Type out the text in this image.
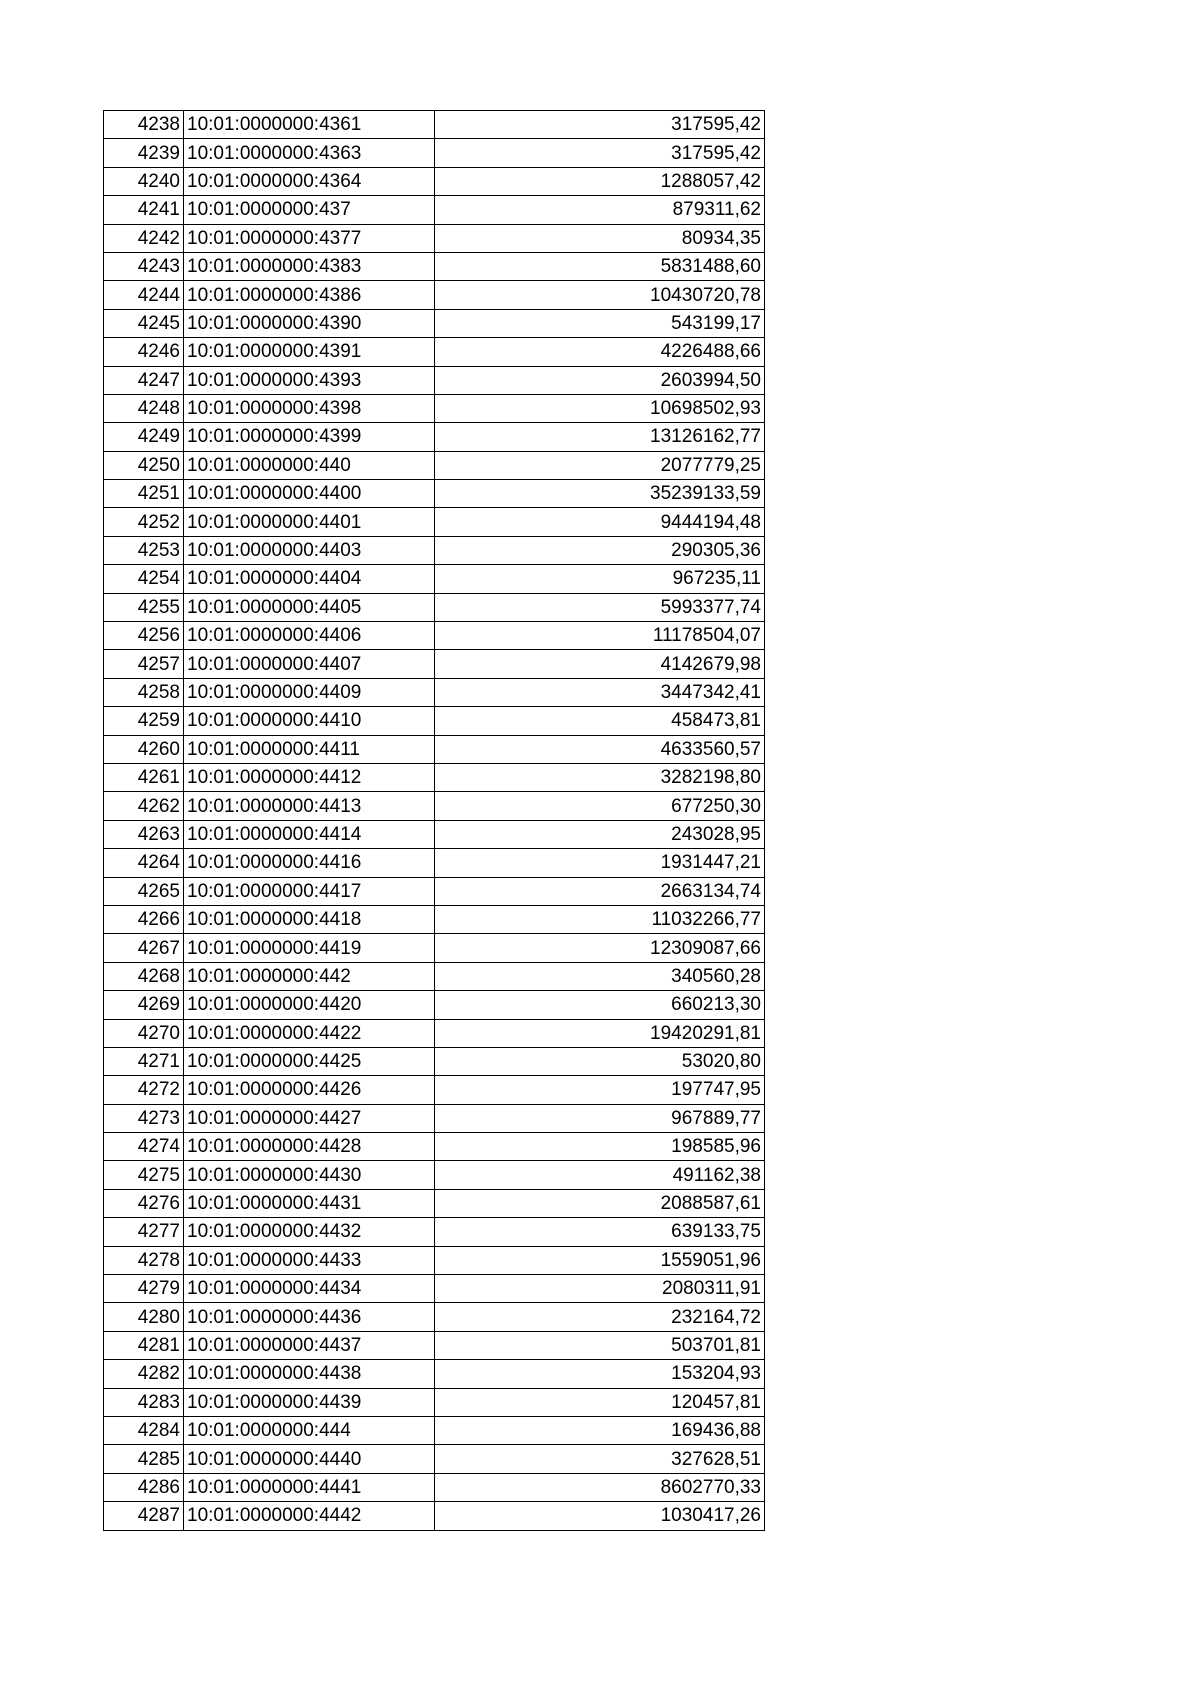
4238	10:01:0000000:4361	317595,42
4239	10:01:0000000:4363	317595,42
4240	10:01:0000000:4364	1288057,42
4241	10:01:0000000:437	879311,62
4242	10:01:0000000:4377	80934,35
4243	10:01:0000000:4383	5831488,60
4244	10:01:0000000:4386	10430720,78
4245	10:01:0000000:4390	543199,17
4246	10:01:0000000:4391	4226488,66
4247	10:01:0000000:4393	2603994,50
4248	10:01:0000000:4398	10698502,93
4249	10:01:0000000:4399	13126162,77
4250	10:01:0000000:440	2077779,25
4251	10:01:0000000:4400	35239133,59
4252	10:01:0000000:4401	9444194,48
4253	10:01:0000000:4403	290305,36
4254	10:01:0000000:4404	967235,11
4255	10:01:0000000:4405	5993377,74
4256	10:01:0000000:4406	11178504,07
4257	10:01:0000000:4407	4142679,98
4258	10:01:0000000:4409	3447342,41
4259	10:01:0000000:4410	458473,81
4260	10:01:0000000:4411	4633560,57
4261	10:01:0000000:4412	3282198,80
4262	10:01:0000000:4413	677250,30
4263	10:01:0000000:4414	243028,95
4264	10:01:0000000:4416	1931447,21
4265	10:01:0000000:4417	2663134,74
4266	10:01:0000000:4418	11032266,77
4267	10:01:0000000:4419	12309087,66
4268	10:01:0000000:442	340560,28
4269	10:01:0000000:4420	660213,30
4270	10:01:0000000:4422	19420291,81
4271	10:01:0000000:4425	53020,80
4272	10:01:0000000:4426	197747,95
4273	10:01:0000000:4427	967889,77
4274	10:01:0000000:4428	198585,96
4275	10:01:0000000:4430	491162,38
4276	10:01:0000000:4431	2088587,61
4277	10:01:0000000:4432	639133,75
4278	10:01:0000000:4433	1559051,96
4279	10:01:0000000:4434	2080311,91
4280	10:01:0000000:4436	232164,72
4281	10:01:0000000:4437	503701,81
4282	10:01:0000000:4438	153204,93
4283	10:01:0000000:4439	120457,81
4284	10:01:0000000:444	169436,88
4285	10:01:0000000:4440	327628,51
4286	10:01:0000000:4441	8602770,33
4287	10:01:0000000:4442	1030417,26
